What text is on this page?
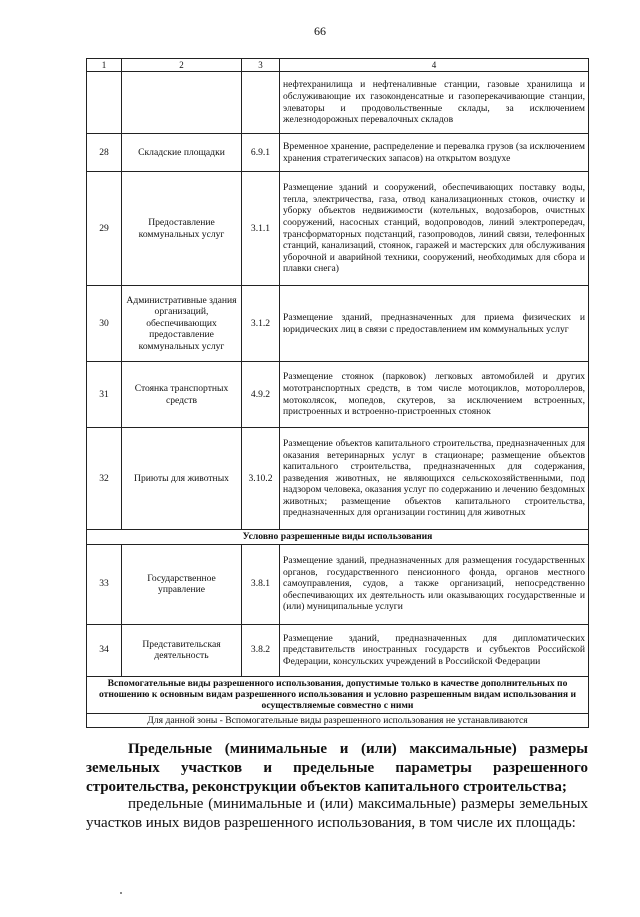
66
1	2	3	4
			нефтехранилища и нефтеналивные станции, газовые хранилища и обслуживающие их газоконденсатные и газоперекачивающие станции, элеваторы и продовольственные склады, за исключением железнодорожных перевалочных складов
28	Складские площадки	6.9.1	Временное хранение, распределение и перевалка грузов (за исключением хранения стратегических запасов) на открытом воздухе
29	Предоставление коммунальных услуг	3.1.1	Размещение зданий и сооружений, обеспечивающих поставку воды, тепла, электричества, газа, отвод канализационных стоков, очистку и уборку объектов недвижимости (котельных, водозаборов, очистных сооружений, насосных станций, водопроводов, линий электропередач, трансформаторных подстанций, газопроводов, линий связи, телефонных станций, канализаций, стоянок, гаражей и мастерских для обслуживания уборочной и аварийной техники, сооружений, необходимых для сбора и плавки снега)
30	Административные здания организаций, обеспечивающих предоставление коммунальных услуг	3.1.2	Размещение зданий, предназначенных для приема физических и юридических лиц в связи с предоставлением им коммунальных услуг
31	Стоянка транспортных средств	4.9.2	Размещение стоянок (парковок) легковых автомобилей и других мототранспортных средств, в том числе мотоциклов, мотороллеров, мотоколясок, мопедов, скутеров, за исключением встроенных, пристроенных и встроенно-пристроенных стоянок
32	Приюты для животных	3.10.2	Размещение объектов капитального строительства, предназначенных для оказания ветеринарных услуг в стационаре; размещение объектов капитального строительства, предназначенных для содержания, разведения животных, не являющихся сельскохозяйственными, под надзором человека, оказания услуг по содержанию и лечению бездомных животных; размещение объектов капитального строительства, предназначенных для организации гостиниц для животных
Условно разрешенные виды использования			
33	Государственное управление	3.8.1	Размещение зданий, предназначенных для размещения государственных органов, государственного пенсионного фонда, органов местного самоуправления, судов, а также организаций, непосредственно обеспечивающих их деятельность или оказывающих государственные и (или) муниципальные услуги
34	Представительская деятельность	3.8.2	Размещение зданий, предназначенных для дипломатических представительств иностранных государств и субъектов Российской Федерации, консульских учреждений в Российской Федерации
Вспомогательные виды разрешенного использования, допустимые только в качестве дополнительных по отношению к основным видам разрешенного использования и условно разрешенным видам использования и осуществляемые совместно с ними			
Для данной зоны - Вспомогательные виды разрешенного использования не устанавливаются			
Предельные (минимальные и (или) максимальные) размеры земельных участков и предельные параметры разрешенного строительства, реконструкции объектов капитального строительства;
предельные (минимальные и (или) максимальные) размеры земельных участков иных видов разрешенного использования, в том числе их площадь:
